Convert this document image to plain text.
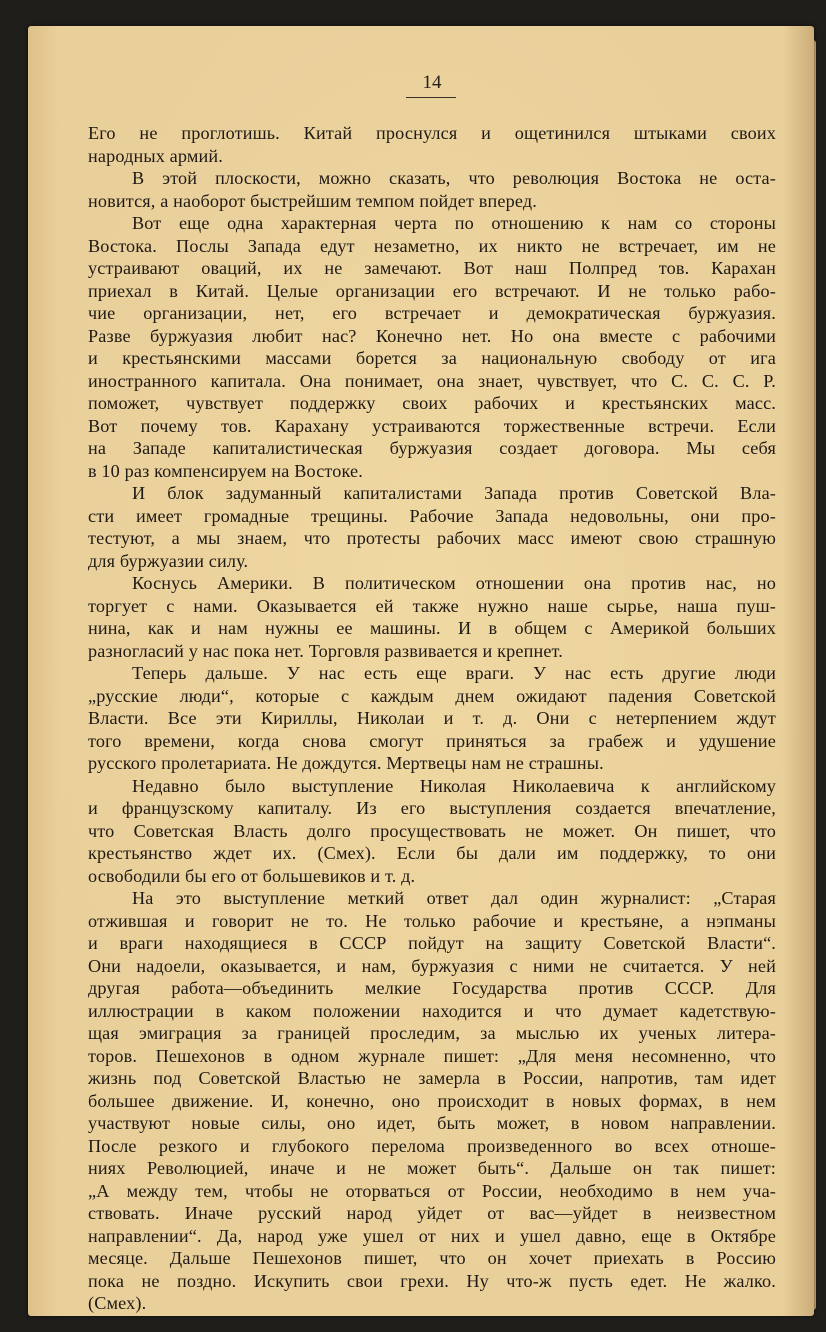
14
Его не проглотишь. Китай проснулся и ощетинился штыками своих
народных армий.
В этой плоскости, можно сказать, что революция Востока не оста-
новится, а наоборот быстрейшим темпом пойдет вперед.
Вот еще одна характерная черта по отношению к нам со стороны
Востока. Послы Запада едут незаметно, их никто не встречает, им не
устраивают оваций, их не замечают. Вот наш Полпред тов. Карахан
приехал в Китай. Целые организации его встречают. И не только рабо-
чие организации, нет, его встречает и демократическая буржуазия.
Разве буржуазия любит нас? Конечно нет. Но она вместе с рабочими
и крестьянскими массами борется за национальную свободу от ига
иностранного капитала. Она понимает, она знает, чувствует, что С. С. С. Р.
поможет, чувствует поддержку своих рабочих и крестьянских масс.
Вот почему тов. Карахану устраиваются торжественные встречи. Если
на Западе капиталистическая буржуазия создает договора. Мы себя
в 10 раз компенсируем на Востоке.
И блок задуманный капиталистами Запада против Советской Вла-
сти имеет громадные трещины. Рабочие Запада недовольны, они про-
тестуют, а мы знаем, что протесты рабочих масс имеют свою страшную
для буржуазии силу.
Коснусь Америки. В политическом отношении она против нас, но
торгует с нами. Оказывается ей также нужно наше сырье, наша пуш-
нина, как и нам нужны ее машины. И в общем с Америкой больших
разногласий у нас пока нет. Торговля развивается и крепнет.
Теперь дальше. У нас есть еще враги. У нас есть другие люди
„русские люди“, которые с каждым днем ожидают падения Советской
Власти. Все эти Кириллы, Николаи и т. д. Они с нетерпением ждут
того времени, когда снова смогут приняться за грабеж и удушение
русского пролетариата. Не дождутся. Мертвецы нам не страшны.
Недавно было выступление Николая Николаевича к английскому
и французскому капиталу. Из его выступления создается впечатление,
что Советская Власть долго просуществовать не может. Он пишет, что
крестьянство ждет их. (Смех). Если бы дали им поддержку, то они
освободили бы его от большевиков и т. д.
На это выступление меткий ответ дал один журналист: „Старая
отжившая и говорит не то. Не только рабочие и крестьяне, а нэпманы
и враги находящиеся в СССР пойдут на защиту Советской Власти“.
Они надоели, оказывается, и нам, буржуазия с ними не считается. У ней
другая работа—объединить мелкие Государства против СССР. Для
иллюстрации в каком положении находится и что думает кадетствую-
щая эмиграция за границей проследим, за мыслью их ученых литера-
торов. Пешехонов в одном журнале пишет: „Для меня несомненно, что
жизнь под Советской Властью не замерла в России, напротив, там идет
большее движение. И, конечно, оно происходит в новых формах, в нем
участвуют новые силы, оно идет, быть может, в новом направлении.
После резкого и глубокого перелома произведенного во всех отноше-
ниях Революцией, иначе и не может быть“. Дальше он так пишет:
„А между тем, чтобы не оторваться от России, необходимо в нем уча-
ствовать. Иначе русский народ уйдет от вас—уйдет в неизвестном
направлении“. Да, народ уже ушел от них и ушел давно, еще в Октябре
месяце. Дальше Пешехонов пишет, что он хочет приехать в Россию
пока не поздно. Искупить свои грехи. Ну что-ж пусть едет. Не жалко.
(Смех).
